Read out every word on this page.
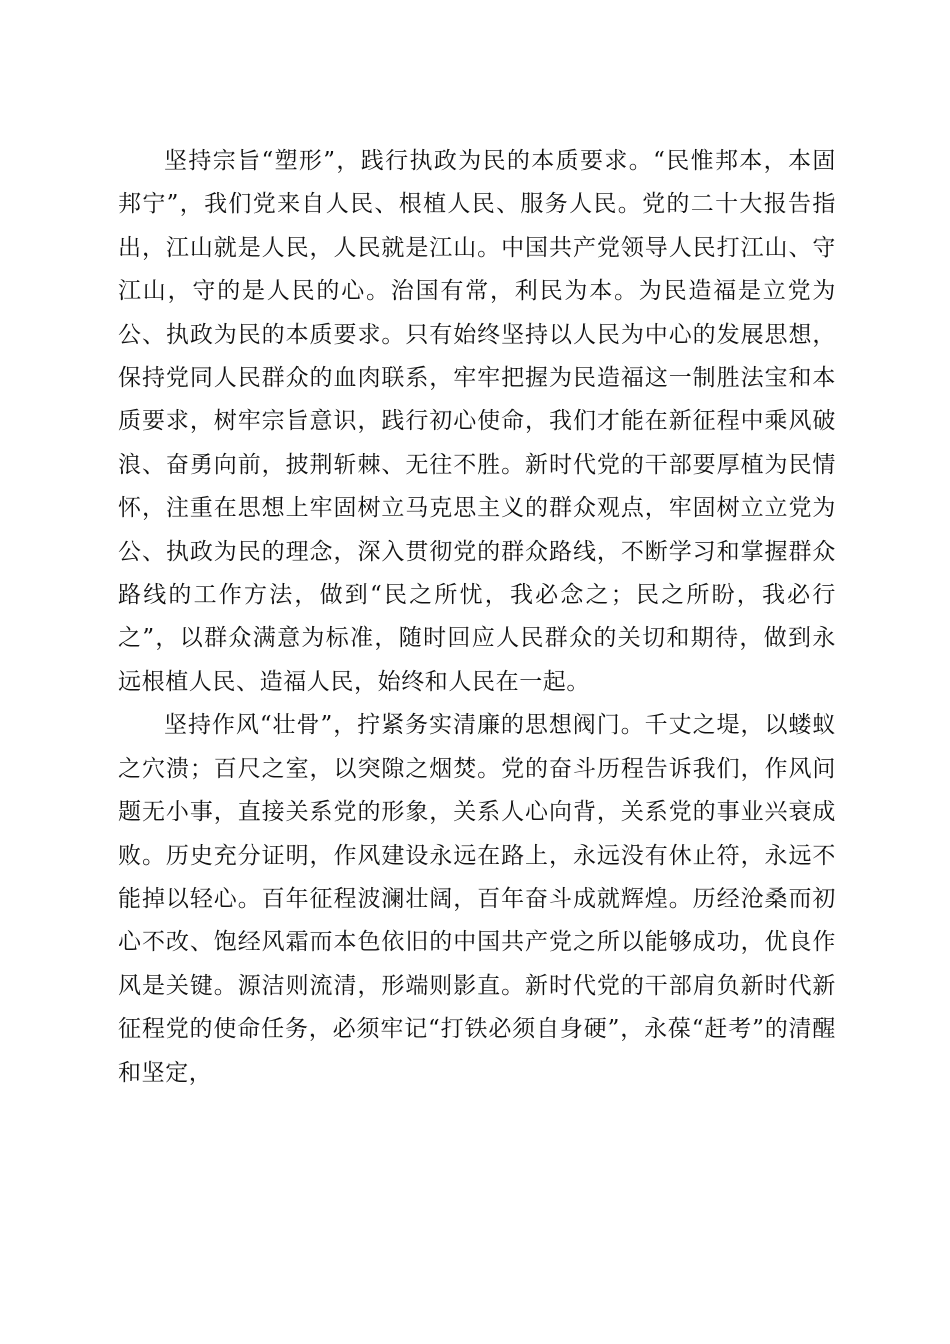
坚持宗旨“塑形”，践行执政为民的本质要求。“民惟邦本，本固邦宁”，我们党来自人民、根植人民、服务人民。党的二十大报告指出，江山就是人民，人民就是江山。中国共产党领导人民打江山、守江山，守的是人民的心。治国有常，利民为本。为民造福是立党为公、执政为民的本质要求。只有始终坚持以人民为中心的发展思想，保持党同人民群众的血肉联系，牢牢把握为民造福这一制胜法宝和本质要求，树牢宗旨意识，践行初心使命，我们才能在新征程中乘风破浪、奋勇向前，披荆斩棘、无往不胜。新时代党的干部要厚植为民情怀，注重在思想上牢固树立马克思主义的群众观点，牢固树立立党为公、执政为民的理念，深入贯彻党的群众路线，不断学习和掌握群众路线的工作方法，做到“民之所忧，我必念之；民之所盼，我必行之”，以群众满意为标准，随时回应人民群众的关切和期待，做到永远根植人民、造福人民，始终和人民在一起。

坚持作风“壮骨”，拧紧务实清廉的思想阀门。千丈之堤，以蝼蚁之穴溃；百尺之室，以突隙之烟焚。党的奋斗历程告诉我们，作风问题无小事，直接关系党的形象，关系人心向背，关系党的事业兴衰成败。历史充分证明，作风建设永远在路上，永远没有休止符，永远不能掉以轻心。百年征程波澜壮阔，百年奋斗成就辉煌。历经沧桑而初心不改、饱经风霜而本色依旧的中国共产党之所以能够成功，优良作风是关键。源洁则流清，形端则影直。新时代党的干部肩负新时代新征程党的使命任务，必须牢记“打铁必须自身硬”，永葆“赶考”的清醒和坚定，
